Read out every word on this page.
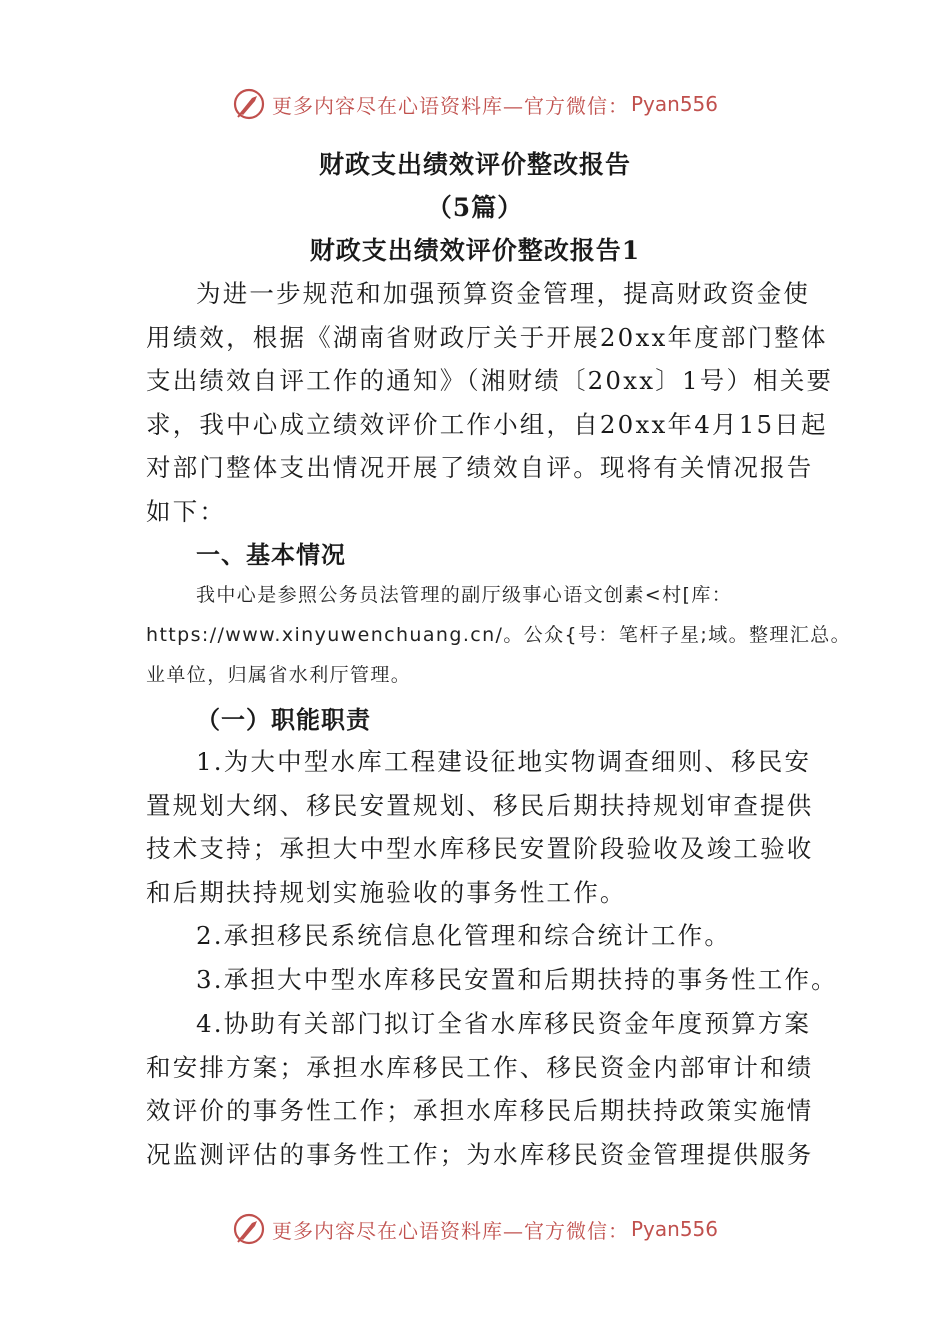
更多内容尽在心语资料库—官方微信： Pyan556
财政支出绩效评价整改报告
（5篇）
财政支出绩效评价整改报告1

为进一步规范和加强预算资金管理，提高财政资金使
用绩效，根据《湖南省财政厅关于开展20xx年度部门整体
支出绩效自评工作的通知》（湘财绩〔20xx〕1号）相关要
求，我中心成立绩效评价工作小组，自20xx年4月15日起
对部门整体支出情况开展了绩效自评。现将有关情况报告
如下：

一、基本情况
我中心是参照公务员法管理的副厅级事心语文创素<村[库：
https://www.xinyuwenchuang.cn/。公众{号：笔杆子星;域。整理汇总。
业单位，归属省水利厅管理。
（一）职能职责

1.为大中型水库工程建设征地实物调查细则、移民安
置规划大纲、移民安置规划、移民后期扶持规划审查提供
技术支持；承担大中型水库移民安置阶段验收及竣工验收
和后期扶持规划实施验收的事务性工作。

2.承担移民系统信息化管理和综合统计工作。

3.承担大中型水库移民安置和后期扶持的事务性工作。

4.协助有关部门拟订全省水库移民资金年度预算方案
和安排方案；承担水库移民工作、移民资金内部审计和绩
效评价的事务性工作；承担水库移民后期扶持政策实施情
况监测评估的事务性工作；为水库移民资金管理提供服务

更多内容尽在心语资料库—官方微信： Pyan556
